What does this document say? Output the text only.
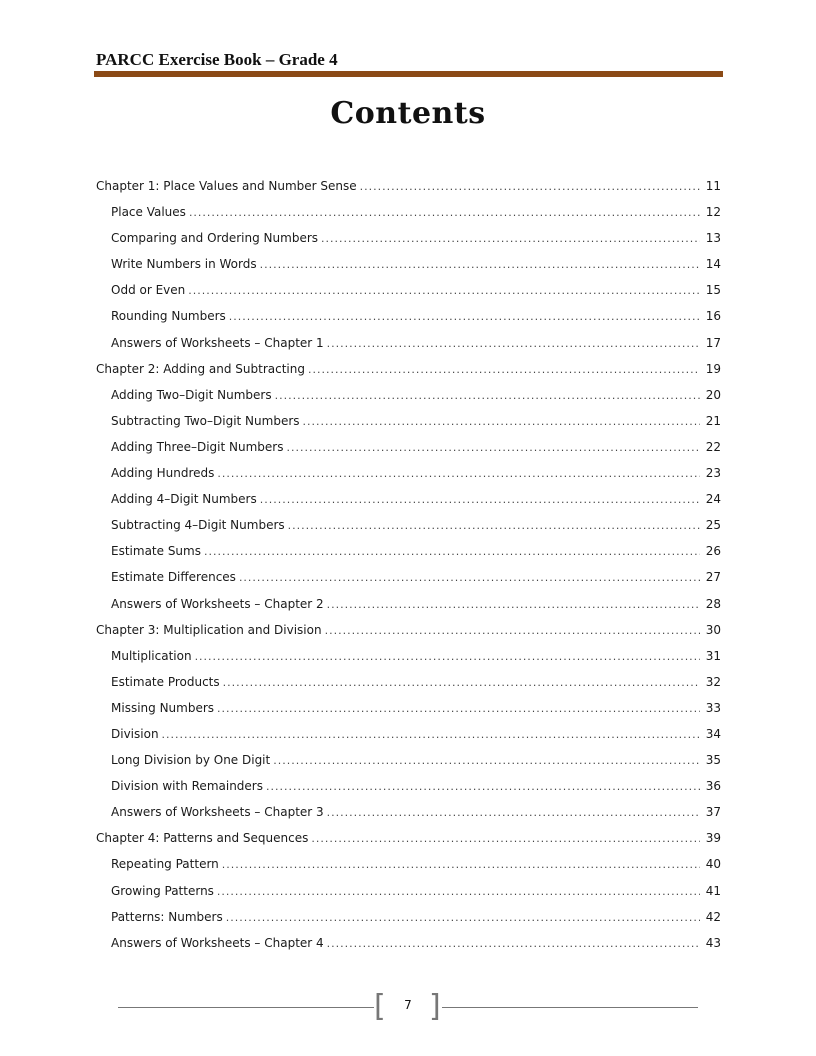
PARCC Exercise Book – Grade 4
Contents
Chapter 1: Place Values and Number Sense .....	11
Place Values .....	12
Comparing and Ordering Numbers .....	13
Write Numbers in Words .....	14
Odd or Even .....	15
Rounding Numbers .....	16
Answers of Worksheets – Chapter 1 .....	17
Chapter 2: Adding and Subtracting .....	19
Adding Two–Digit Numbers .....	20
Subtracting Two–Digit Numbers .....	21
Adding Three–Digit Numbers .....	22
Adding Hundreds .....	23
Adding 4–Digit Numbers .....	24
Subtracting 4–Digit Numbers .....	25
Estimate Sums .....	26
Estimate Differences .....	27
Answers of Worksheets – Chapter 2 .....	28
Chapter 3: Multiplication and Division .....	30
Multiplication .....	31
Estimate Products .....	32
Missing Numbers .....	33
Division .....	34
Long Division by One Digit .....	35
Division with Remainders .....	36
Answers of Worksheets – Chapter 3 .....	37
Chapter 4: Patterns and Sequences .....	39
Repeating Pattern .....	40
Growing Patterns .....	41
Patterns: Numbers .....	42
Answers of Worksheets – Chapter 4 .....	43
[	7 ]
